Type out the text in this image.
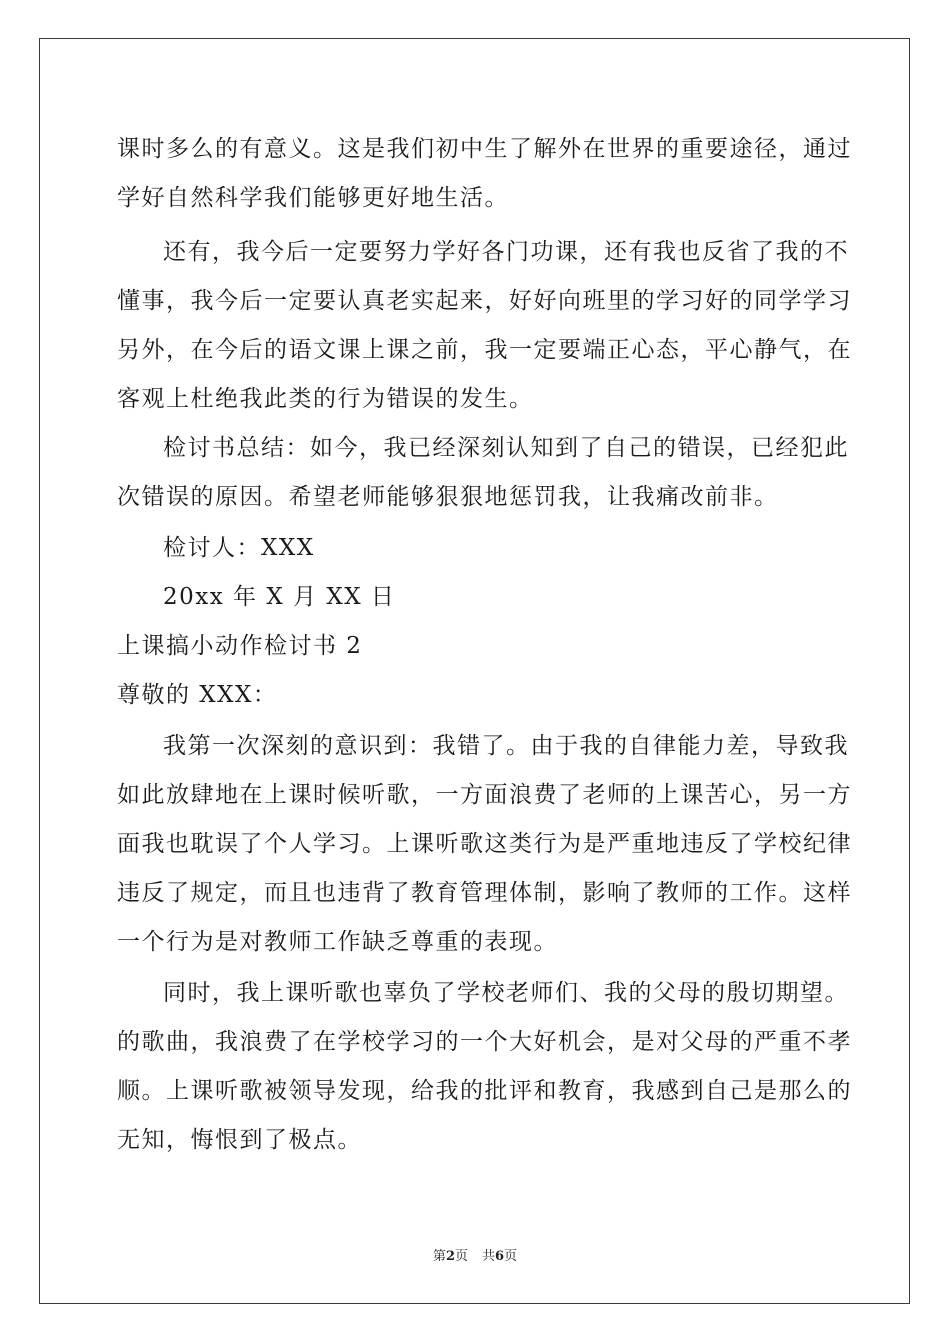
课时多么的有意义。这是我们初中生了解外在世界的重要途径，通过
学好自然科学我们能够更好地生活。
还有，我今后一定要努力学好各门功课，还有我也反省了我的不
懂事，我今后一定要认真老实起来，好好向班里的学习好的同学学习
另外，在今后的语文课上课之前，我一定要端正心态，平心静气，在
客观上杜绝我此类的行为错误的发生。
检讨书总结：如今，我已经深刻认知到了自己的错误，已经犯此
次错误的原因。希望老师能够狠狠地惩罚我，让我痛改前非。
检讨人：XXX
20xx 年 X 月 XX 日
上课搞小动作检讨书 2
尊敬的 XXX：
我第一次深刻的意识到：我错了。由于我的自律能力差，导致我
如此放肆地在上课时候听歌，一方面浪费了老师的上课苦心，另一方
面我也耽误了个人学习。上课听歌这类行为是严重地违反了学校纪律
违反了规定，而且也违背了教育管理体制，影响了教师的工作。这样
一个行为是对教师工作缺乏尊重的表现。
同时，我上课听歌也辜负了学校老师们、我的父母的殷切期望。
的歌曲，我浪费了在学校学习的一个大好机会，是对父母的严重不孝
顺。上课听歌被领导发现，给我的批评和教育，我感到自己是那么的
无知，悔恨到了极点。
第2页 共6页
